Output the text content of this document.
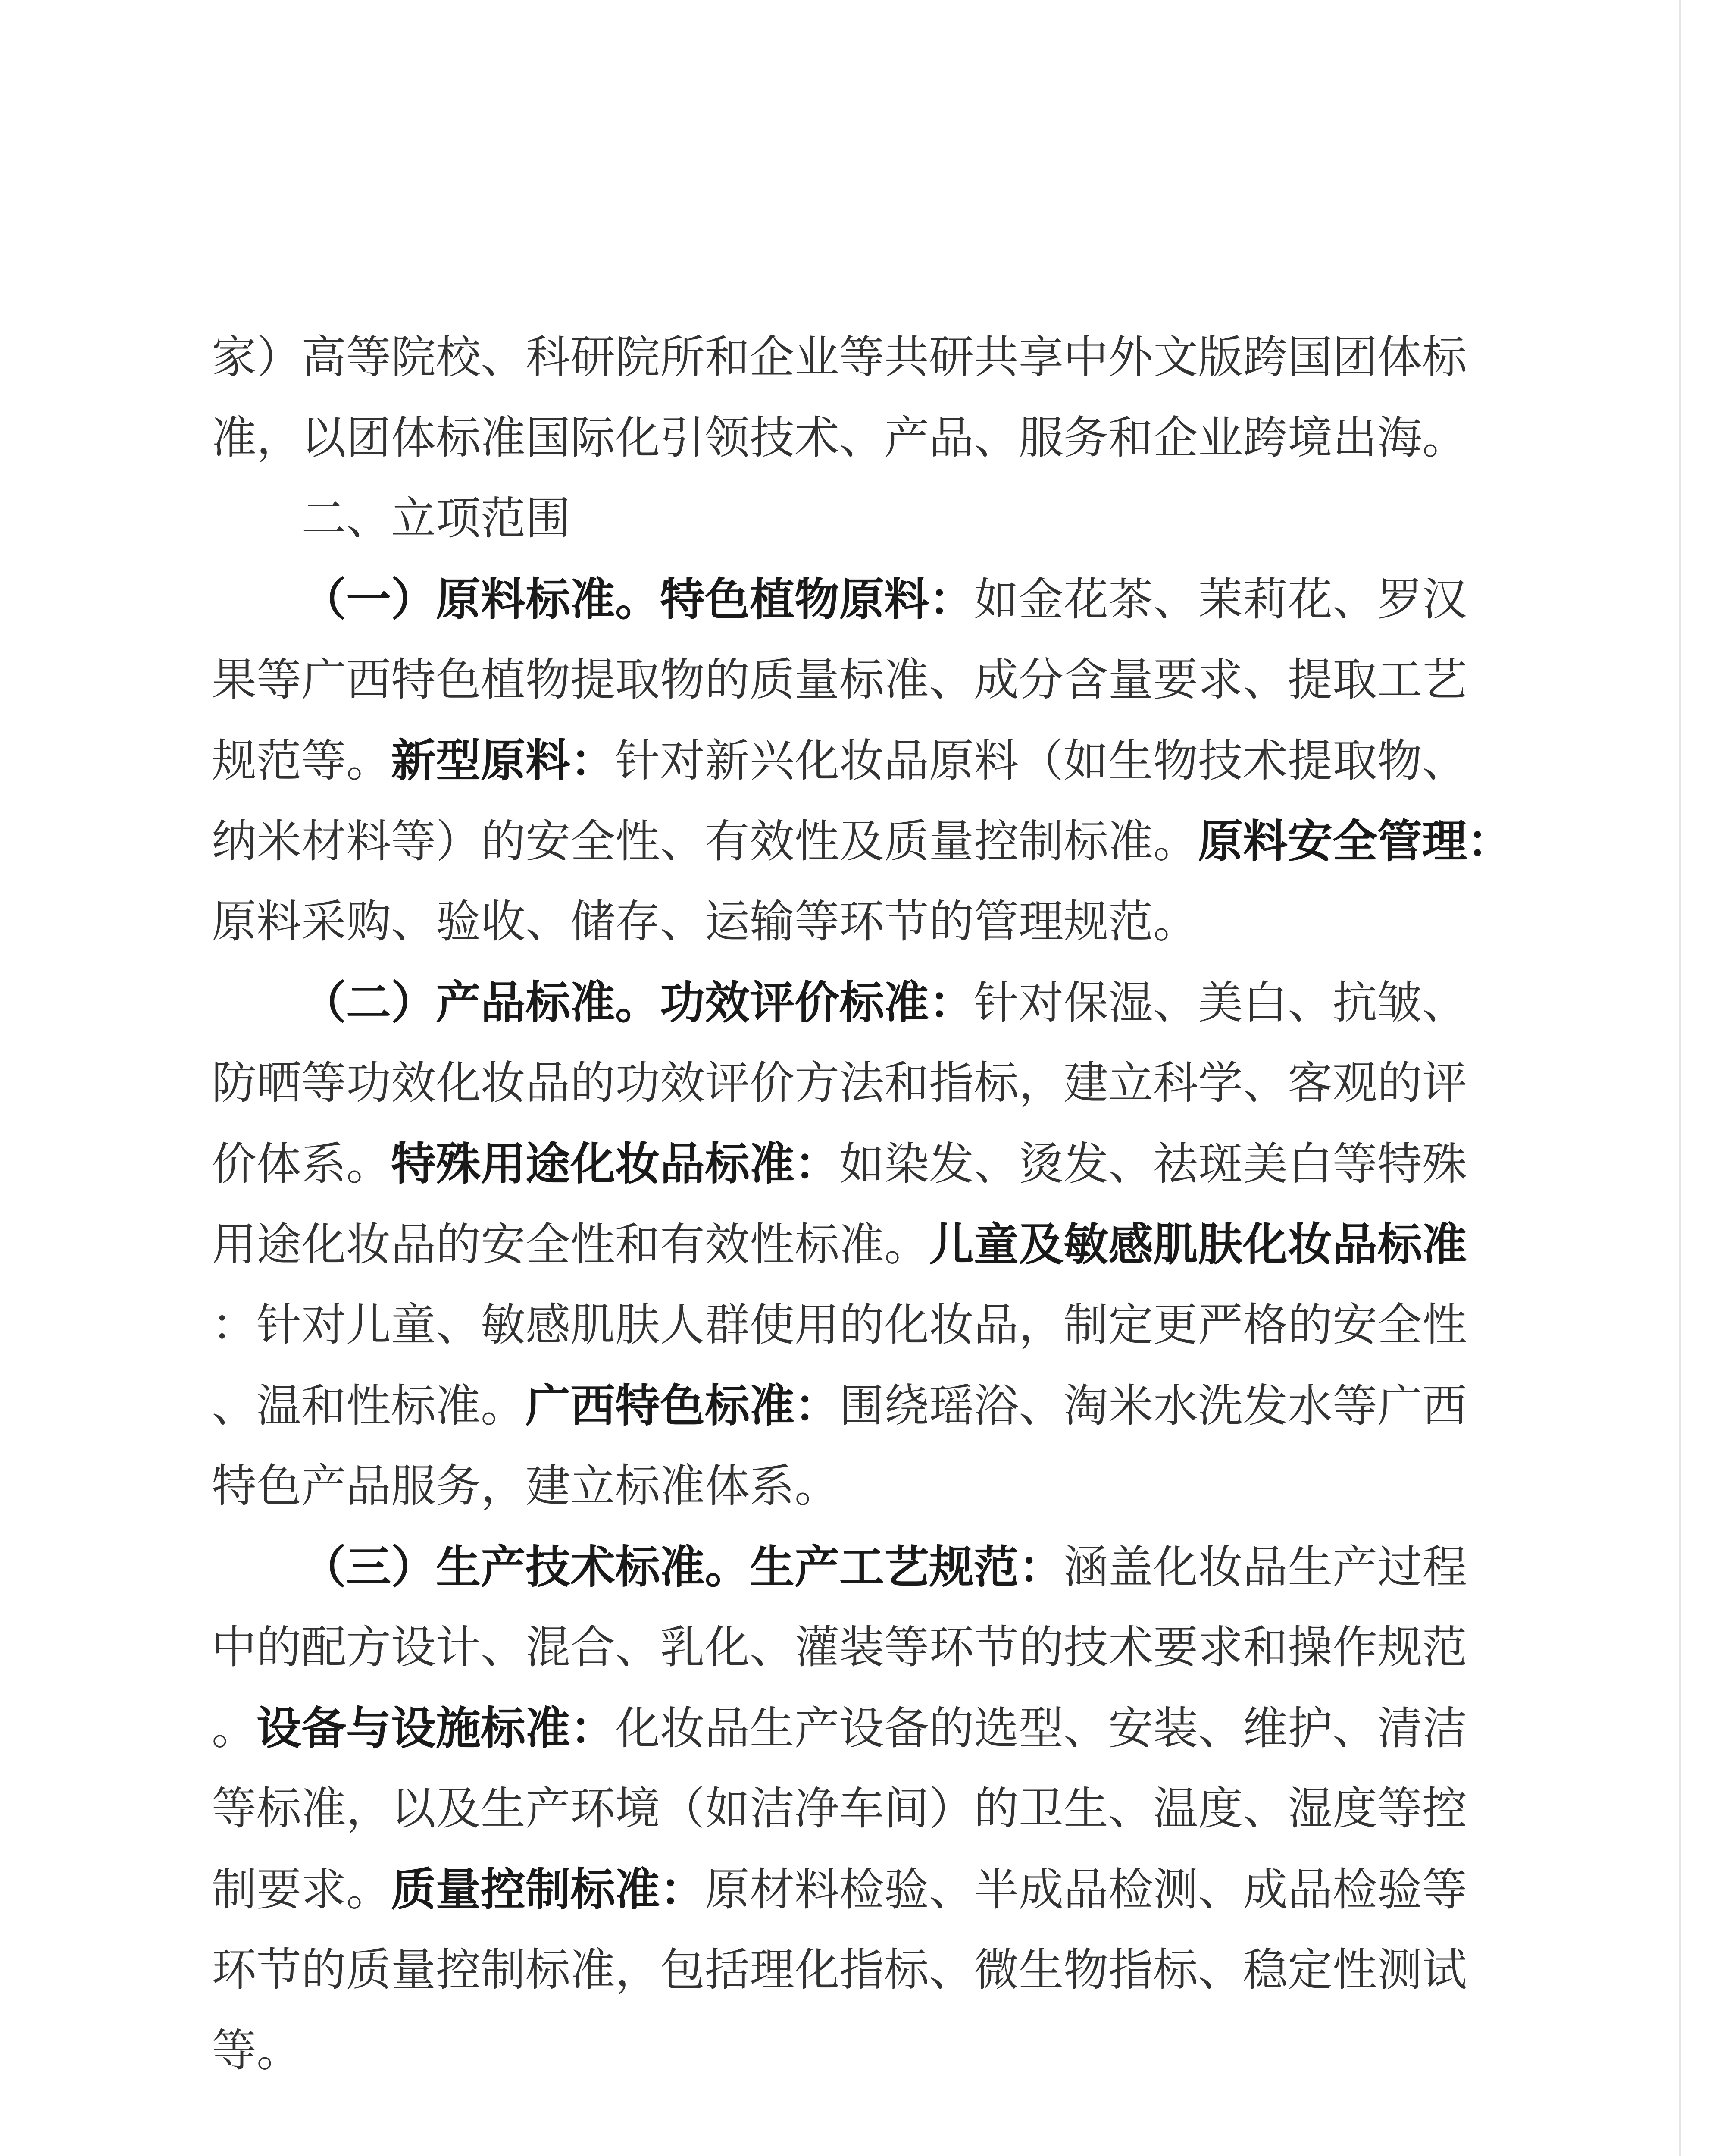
家）高等院校、科研院所和企业等共研共享中外文版跨国团体标
准，以团体标准国际化引领技术、产品、服务和企业跨境出海。
二、立项范围
（一）原料标准。特色植物原料：如金花茶、茉莉花、罗汉
果等广西特色植物提取物的质量标准、成分含量要求、提取工艺
规范等。新型原料：针对新兴化妆品原料（如生物技术提取物、
纳米材料等）的安全性、有效性及质量控制标准。原料安全管理：
原料采购、验收、储存、运输等环节的管理规范。
（二）产品标准。功效评价标准：针对保湿、美白、抗皱、
防晒等功效化妆品的功效评价方法和指标，建立科学、客观的评
价体系。特殊用途化妆品标准：如染发、烫发、祛斑美白等特殊
用途化妆品的安全性和有效性标准。儿童及敏感肌肤化妆品标准
：针对儿童、敏感肌肤人群使用的化妆品，制定更严格的安全性
、温和性标准。广西特色标准：围绕瑶浴、淘米水洗发水等广西
特色产品服务，建立标准体系。
（三）生产技术标准。生产工艺规范：涵盖化妆品生产过程
中的配方设计、混合、乳化、灌装等环节的技术要求和操作规范
。设备与设施标准：化妆品生产设备的选型、安装、维护、清洁
等标准，以及生产环境（如洁净车间）的卫生、温度、湿度等控
制要求。质量控制标准：原材料检验、半成品检测、成品检验等
环节的质量控制标准，包括理化指标、微生物指标、稳定性测试
等。
